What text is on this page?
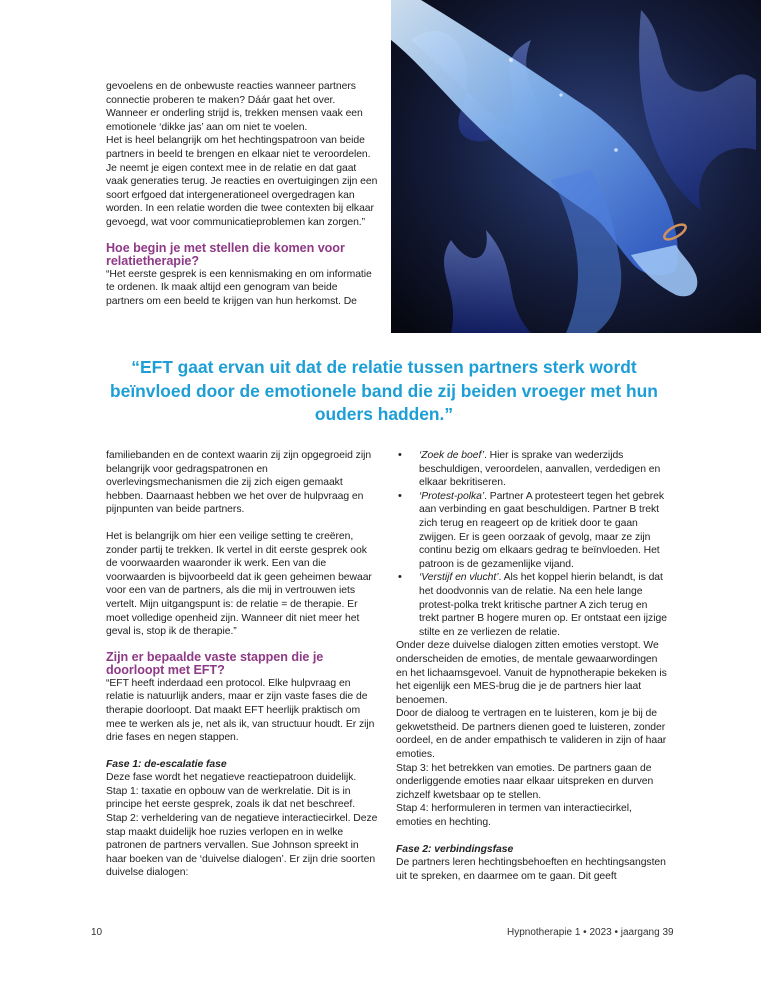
gevoelens en de onbewuste reacties wanneer partners connectie proberen te maken? Dáár gaat het over. Wanneer er onderling strijd is, trekken mensen vaak een emotionele ‘dikke jas’ aan om niet te voelen.

Het is heel belangrijk om het hechtingspatroon van beide partners in beeld te brengen en elkaar niet te veroordelen. Je neemt je eigen context mee in de relatie en dat gaat vaak generaties terug. Je reacties en overtuigingen zijn een soort erfgoed dat intergenerationeel overgedragen kan worden. In een relatie worden die twee contexten bij elkaar gevoegd, wat voor communicatieproblemen kan zorgen.”

Hoe begin je met stellen die komen voor relatietherapie?

“Het eerste gesprek is een kennismaking en om informatie te ordenen. Ik maak altijd een genogram van beide partners om een beeld te krijgen van hun herkomst. De

“EFT gaat ervan uit dat de relatie tussen partners sterk wordt beïnvloed door de emotionele band die zij beiden vroeger met hun ouders hadden.”

familiebanden en de context waarin zij zijn opgegroeid zijn belangrijk voor gedragspatronen en overlevingsmechanismen die zij zich eigen gemaakt hebben. Daarnaast hebben we het over de hulpvraag en pijnpunten van beide partners.

Het is belangrijk om hier een veilige setting te creëren, zonder partij te trekken. Ik vertel in dit eerste gesprek ook de voorwaarden waaronder ik werk. Een van die voorwaarden is bijvoorbeeld dat ik geen geheimen bewaar voor een van de partners, als die mij in vertrouwen iets vertelt. Mijn uitgangspunt is: de relatie = de therapie. Er moet volledige openheid zijn. Wanneer dit niet meer het geval is, stop ik de therapie.”

Zijn er bepaalde vaste stappen die je doorloopt met EFT?

“EFT heeft inderdaad een protocol. Elke hulpvraag en relatie is natuurlijk anders, maar er zijn vaste fases die de therapie doorloopt. Dat maakt EFT heerlijk praktisch om mee te werken als je, net als ik, van structuur houdt. Er zijn drie fases en negen stappen.

Fase 1: de-escalatie fase

Deze fase wordt het negatieve reactiepatroon duidelijk.

Stap 1: taxatie en opbouw van de werkrelatie. Dit is in principe het eerste gesprek, zoals ik dat net beschreef.

Stap 2: verheldering van de negatieve interactiecirkel. Deze stap maakt duidelijk hoe ruzies verlopen en in welke patronen de partners vervallen. Sue Johnson spreekt in haar boeken van de ‘duivelse dialogen’. Er zijn drie soorten duivelse dialogen:

• ‘Zoek de boef’. Hier is sprake van wederzijds beschuldigen, veroordelen, aanvallen, verdedigen en elkaar bekritiseren.

• ‘Protest-polka’. Partner A protesteert tegen het gebrek aan verbinding en gaat beschuldigen. Partner B trekt zich terug en reageert op de kritiek door te gaan zwijgen. Er is geen oorzaak of gevolg, maar ze zijn continu bezig om elkaars gedrag te beïnvloeden. Het patroon is de gezamenlijke vijand.

• ‘Verstijf en vlucht’. Als het koppel hierin belandt, is dat het doodvonnis van de relatie. Na een hele lange protest-polka trekt kritische partner A zich terug en trekt partner B hogere muren op. Er ontstaat een ijzige stilte en ze verliezen de relatie.

Onder deze duivelse dialogen zitten emoties verstopt. We onderscheiden de emoties, de mentale gewaarwordingen en het lichaamsgevoel. Vanuit de hypnotherapie bekeken is het eigenlijk een MES-brug die je de partners hier laat benoemen.

Door de dialoog te vertragen en te luisteren, kom je bij de gekwetstheid. De partners dienen goed te luisteren, zonder oordeel, en de ander empathisch te valideren in zijn of haar emoties.

Stap 3: het betrekken van emoties. De partners gaan de onderliggende emoties naar elkaar uitspreken en durven zichzelf kwetsbaar op te stellen.

Stap 4: herformuleren in termen van interactiecirkel, emoties en hechting.

Fase 2: verbindingsfase

De partners leren hechtingsbehoeften en hechtingsangsten uit te spreken, en daarmee om te gaan. Dit geeft

10	Hypnotherapie 1 • 2023 • jaargang 39
